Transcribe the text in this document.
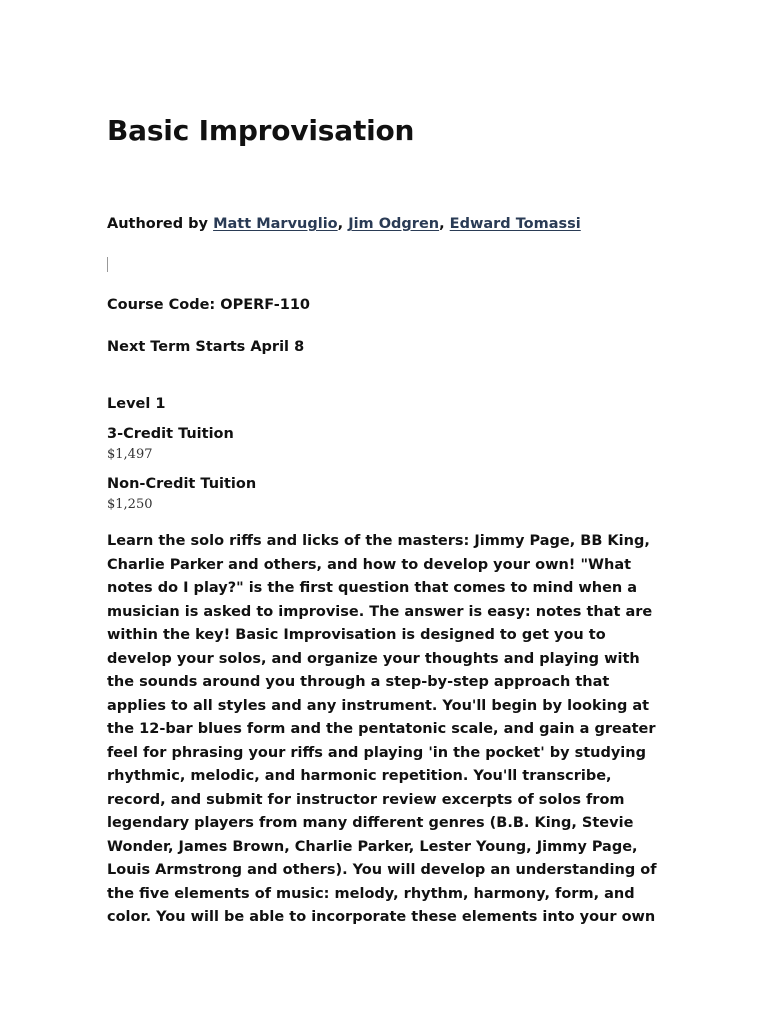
Basic Improvisation
Authored by Matt Marvuglio, Jim Odgren, Edward Tomassi
Course Code: OPERF-110
Next Term Starts April 8
Level 1
3-Credit Tuition
$1,497
Non-Credit Tuition
$1,250
Learn the solo riffs and licks of the masters: Jimmy Page, BB King,
Charlie Parker and others, and how to develop your own! "What
notes do I play?" is the first question that comes to mind when a
musician is asked to improvise. The answer is easy: notes that are
within the key! Basic Improvisation is designed to get you to
develop your solos, and organize your thoughts and playing with
the sounds around you through a step-by-step approach that
applies to all styles and any instrument. You'll begin by looking at
the 12-bar blues form and the pentatonic scale, and gain a greater
feel for phrasing your riffs and playing 'in the pocket' by studying
rhythmic, melodic, and harmonic repetition. You'll transcribe,
record, and submit for instructor review excerpts of solos from
legendary players from many different genres (B.B. King, Stevie
Wonder, James Brown, Charlie Parker, Lester Young, Jimmy Page,
Louis Armstrong and others). You will develop an understanding of
the five elements of music: melody, rhythm, harmony, form, and
color. You will be able to incorporate these elements into your own
